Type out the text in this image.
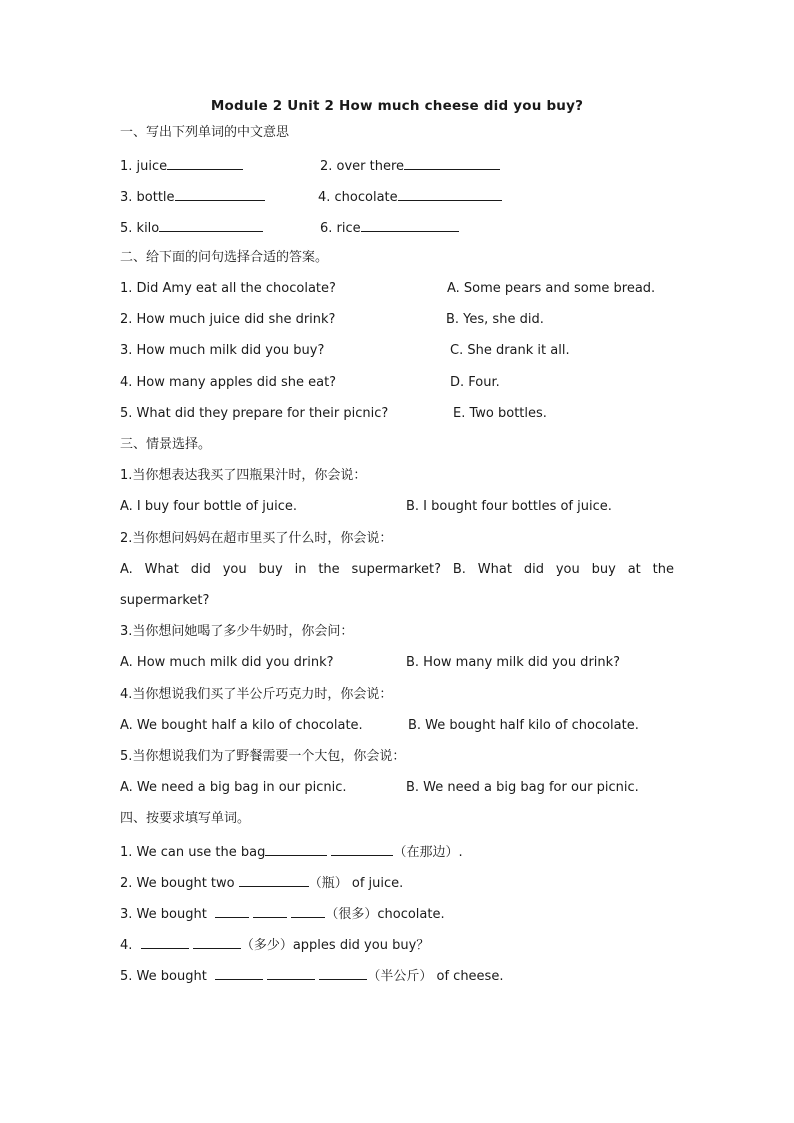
Module 2 Unit 2 How much cheese did you buy?
一、写出下列单词的中文意思
1. juice	2. over there
3. bottle	4. chocolate
5. kilo	6. rice
二、给下面的问句选择合适的答案。
1. Did Amy eat all the chocolate?	A. Some pears and some bread.
2. How much juice did she drink?	B. Yes, she did.
3. How much milk did you buy?	C. She drank it all.
4. How many apples did she eat?	D. Four.
5. What did they prepare for their picnic?	E. Two bottles.
三、情景选择。
1.当你想表达我买了四瓶果汁时，你会说：
A. I buy four bottle of juice.	B. I bought four bottles of juice.
2.当你想问妈妈在超市里买了什么时，你会说：
A. What did you buy in the supermarket? B. What did you buy at the
supermarket?
3.当你想问她喝了多少牛奶时，你会问：
A. How much milk did you drink?	B. How many milk did you drink?
4.当你想说我们买了半公斤巧克力时，你会说：
A. We bought half a kilo of chocolate.	B. We bought half kilo of chocolate.
5.当你想说我们为了野餐需要一个大包，你会说：
A. We need a big bag in our picnic.	B. We need a big bag for our picnic.
四、按要求填写单词。
1. We can use the bag	（在那边）.
2. We bought two	（瓶） of juice.
3. We bought	（很多）chocolate.
4.	（多少）apples did you buy？
5. We bought	（半公斤） of cheese.
